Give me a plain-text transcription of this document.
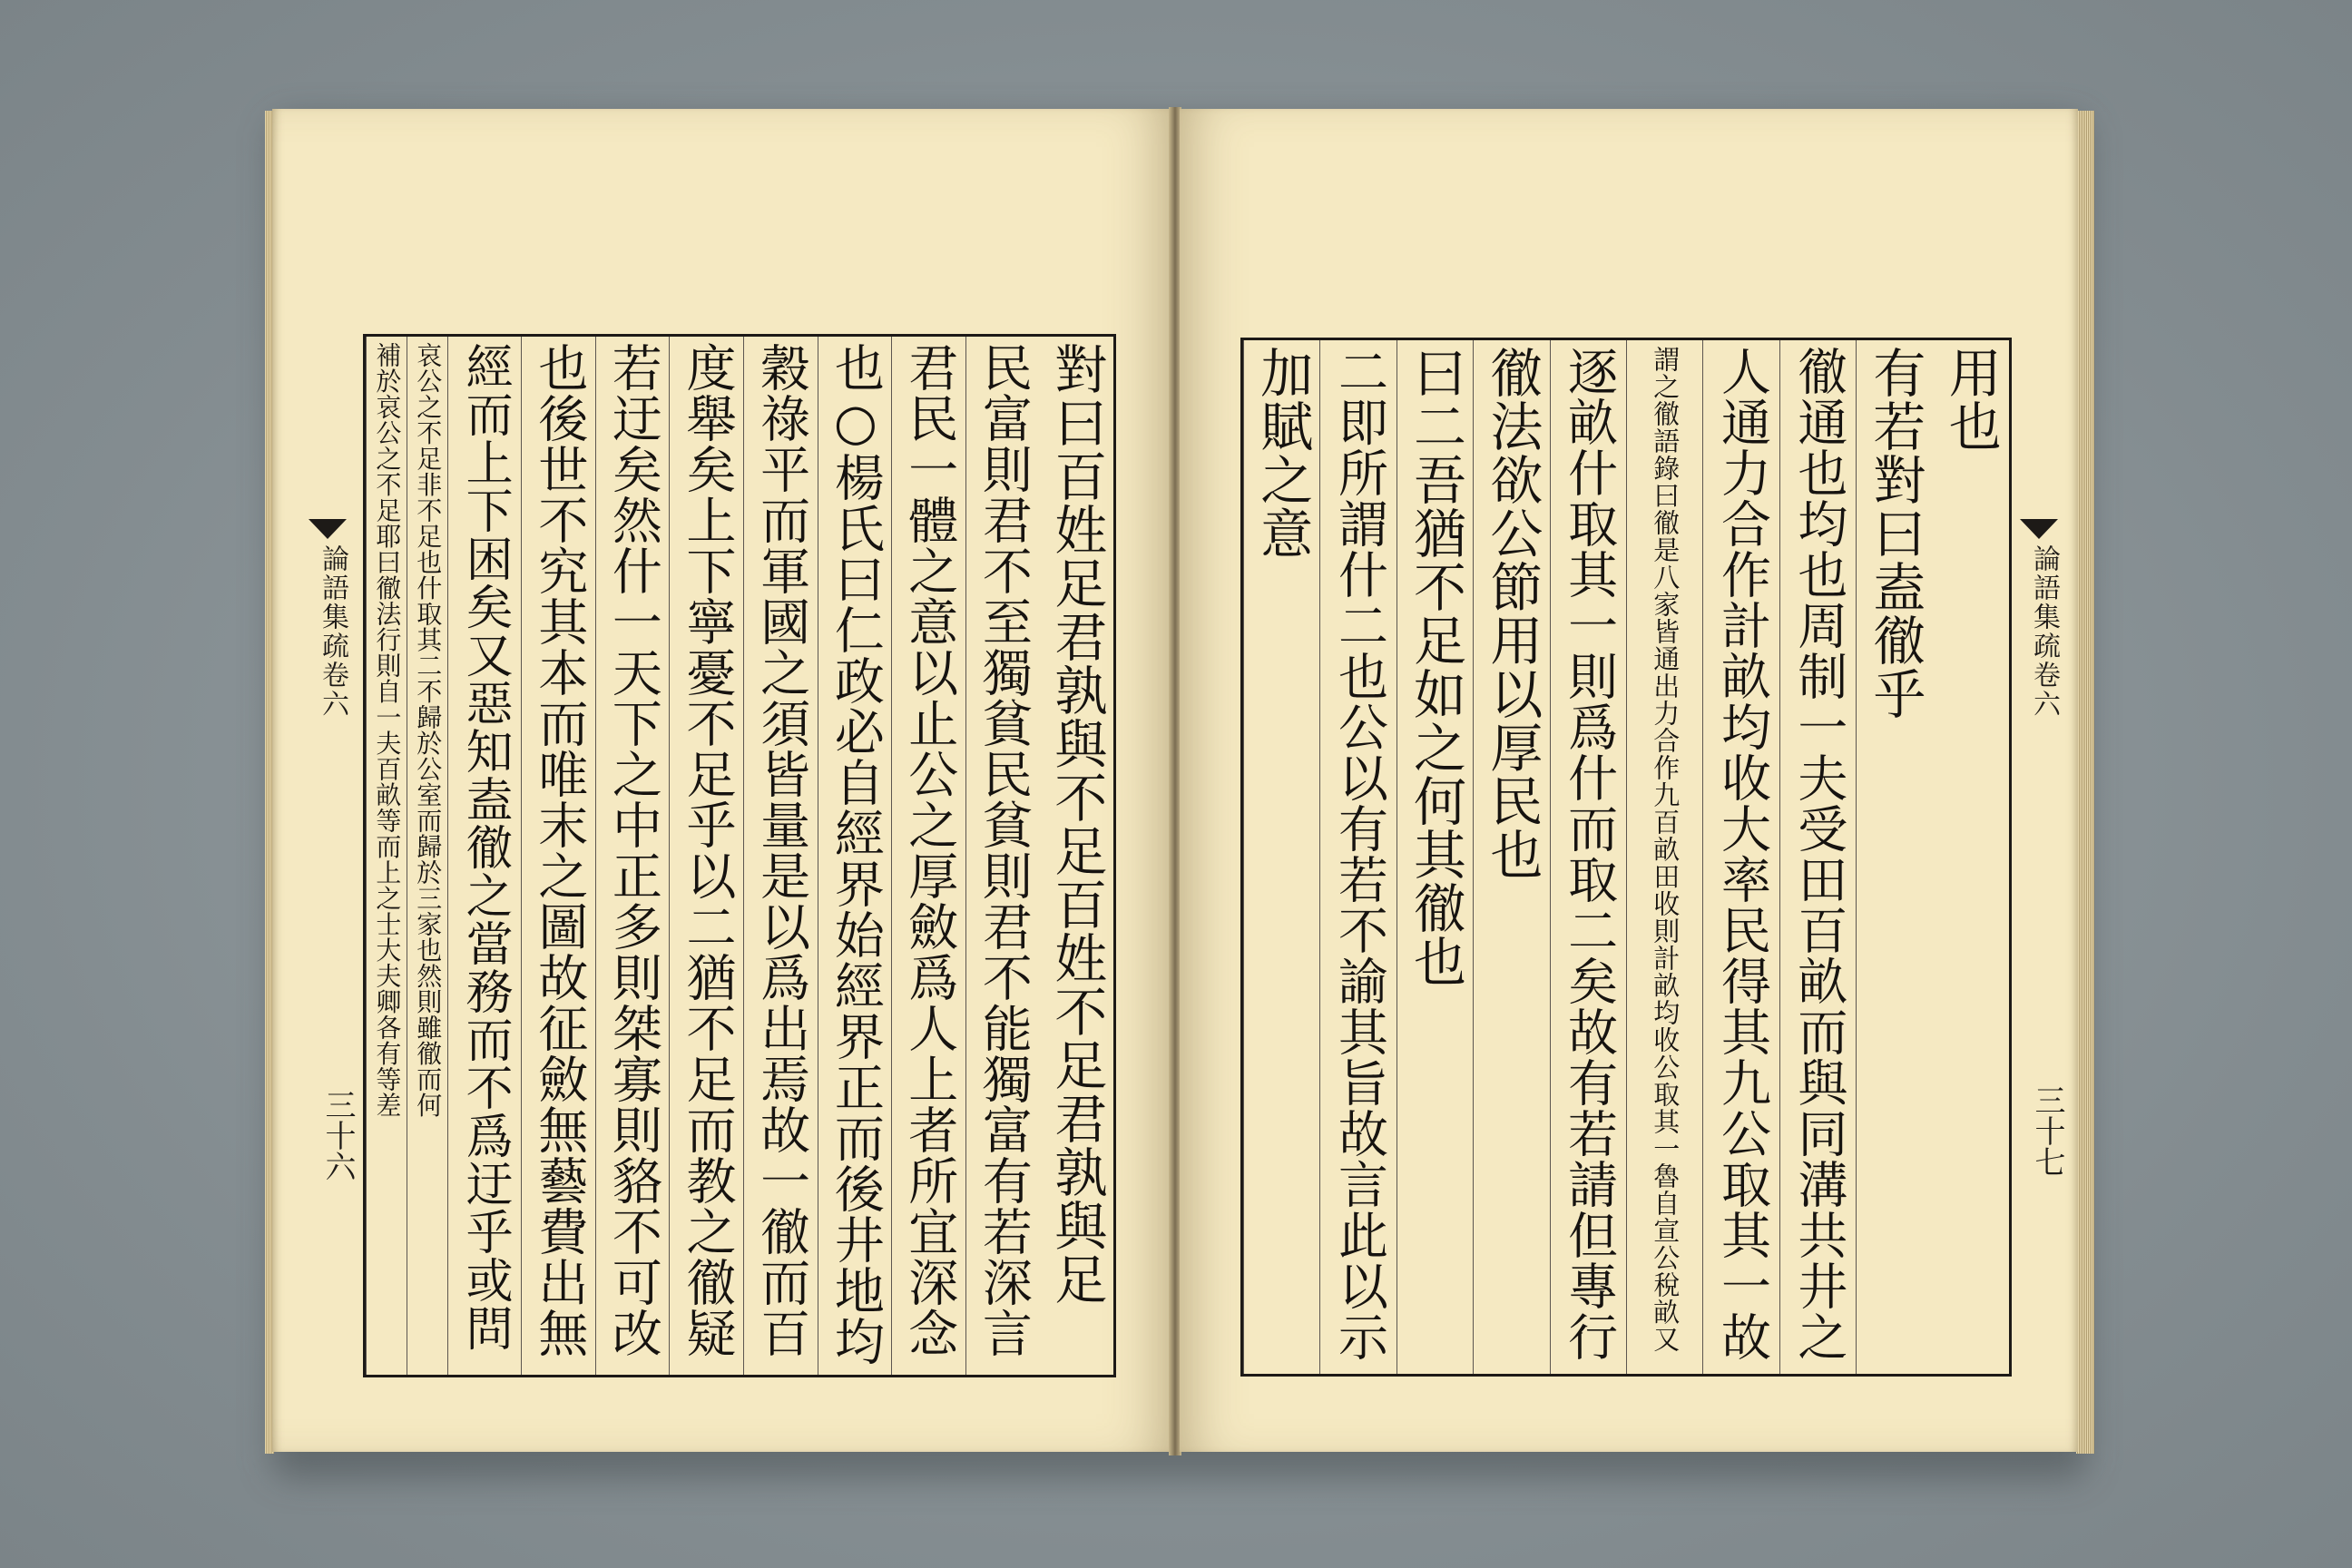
論語集疏卷六
三十六	對曰百姓足君孰與不足百姓不足君孰與足
民富則君不至獨貧民貧則君不能獨富有若深言
君民一體之意以止公之厚斂爲人上者所宜深念
也○楊氏曰仁政必自經界始經界正而後井地均
穀祿平而軍國之須皆量是以爲出焉故一徹而百
度舉矣上下寧憂不足乎以二猶不足而教之徹疑
若迂矣然什一天下之中正多則桀寡則貉不可改
也後世不究其本而唯末之圖故征斂無藝費出無
經而上下困矣又惡知盍徹之當務而不爲迂乎或問
哀公之不足非不足也什取其二不歸於公室而歸於三家也然則雖徹而何
補於哀公之不足耶曰徹法行則自一夫百畝等而上之士大夫卿各有等差	論語集疏卷六
三十七
用也
有若對曰盍徹乎
徹通也均也周制一夫受田百畝而與同溝共井之
人通力合作計畝均收大率民得其九公取其一故
謂之徹語錄曰徹是八家皆通出力合作九百畝田收則計畝均收公取其一魯自宣公稅畝又
逐畝什取其一則爲什而取二矣故有若請但專行
徹法欲公節用以厚民也
曰二吾猶不足如之何其徹也
二即所謂什二也公以有若不諭其旨故言此以示
加賦之意
